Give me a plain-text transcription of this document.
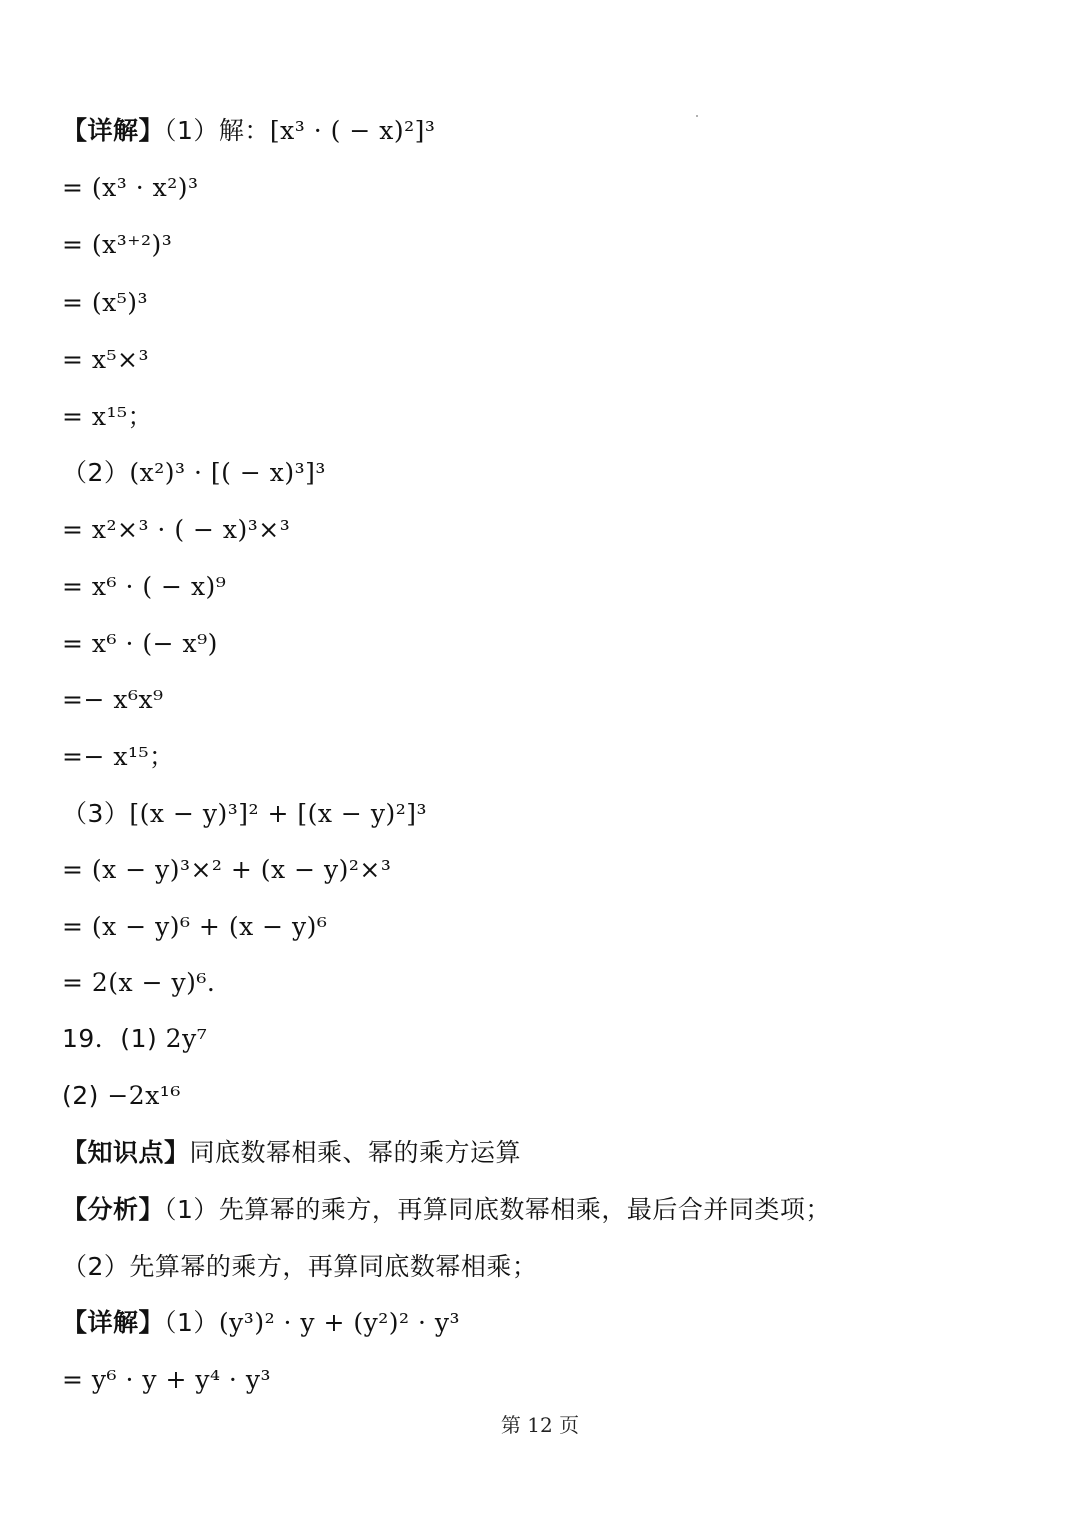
【详解】（1）解：[x³ · ( − x)²]³
= (x³ · x²)³
= (x³⁺²)³
= (x⁵)³
= x⁵×³
= x¹⁵；
（2）(x²)³ · [( − x)³]³
= x²×³ · ( − x)³×³
= x⁶ · ( − x)⁹
= x⁶ · (− x⁹)
=− x⁶x⁹
=− x¹⁵；
（3）[(x − y)³]² + [(x − y)²]³
= (x − y)³×² + (x − y)²×³
= (x − y)⁶ + (x − y)⁶
= 2(x − y)⁶.
19．(1) 2y⁷
(2) −2x¹⁶
【知识点】同底数幂相乘、幂的乘方运算
【分析】（1）先算幂的乘方，再算同底数幂相乘，最后合并同类项；
（2）先算幂的乘方，再算同底数幂相乘；
【详解】（1）(y³)² · y + (y²)² · y³
= y⁶ · y + y⁴ · y³
第 12 页
